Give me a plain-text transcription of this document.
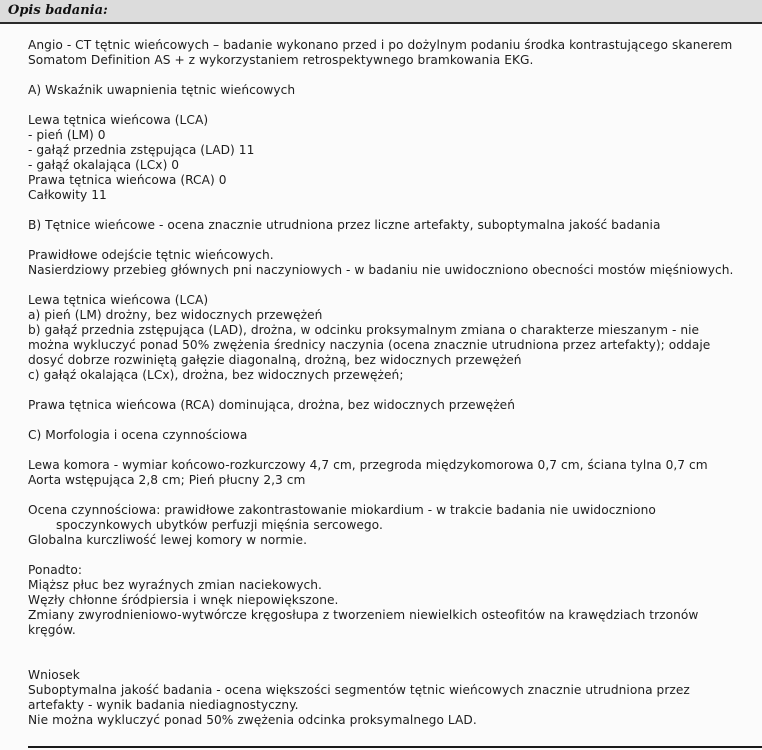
Opis badania:
Angio - CT tętnic wieńcowych – badanie wykonano przed i po dożylnym podaniu środka kontrastującego skanerem
Somatom Definition AS + z wykorzystaniem retrospektywnego bramkowania EKG.
A) Wskaźnik uwapnienia tętnic wieńcowych
Lewa tętnica wieńcowa (LCA)
- pień (LM) 0
- gałąź przednia zstępująca (LAD) 11
- gałąź okalająca (LCx) 0
Prawa tętnica wieńcowa (RCA) 0
Całkowity 11
B) Tętnice wieńcowe - ocena znacznie utrudniona przez liczne artefakty, suboptymalna jakość badania
Prawidłowe odejście tętnic wieńcowych.
Nasierdziowy przebieg głównych pni naczyniowych - w badaniu nie uwidoczniono obecności mostów mięśniowych.
Lewa tętnica wieńcowa (LCA)
a) pień (LM) drożny, bez widocznych przewężeń
b) gałąź przednia zstępująca (LAD), drożna, w odcinku proksymalnym zmiana o charakterze mieszanym - nie
można wykluczyć ponad 50% zwężenia średnicy naczynia (ocena znacznie utrudniona przez artefakty); oddaje
dosyć dobrze rozwiniętą gałęzie diagonalną, drożną, bez widocznych przewężeń
c) gałąź okalająca (LCx), drożna, bez widocznych przewężeń;
Prawa tętnica wieńcowa (RCA) dominująca, drożna, bez widocznych przewężeń
C) Morfologia i ocena czynnościowa
Lewa komora - wymiar końcowo-rozkurczowy 4,7 cm, przegroda międzykomorowa 0,7 cm, ściana tylna 0,7 cm
Aorta wstępująca 2,8 cm; Pień płucny 2,3 cm
Ocena czynnościowa: prawidłowe zakontrastowanie miokardium - w trakcie badania nie uwidoczniono
spoczynkowych ubytków perfuzji mięśnia sercowego.
Globalna kurczliwość lewej komory w normie.
Ponadto:
Miąższ płuc bez wyraźnych zmian naciekowych.
Węzły chłonne śródpiersia i wnęk niepowiększone.
Zmiany zwyrodnieniowo-wytwórcze kręgosłupa z tworzeniem niewielkich osteofitów na krawędziach trzonów
kręgów.
Wniosek
Suboptymalna jakość badania - ocena większości segmentów tętnic wieńcowych znacznie utrudniona przez
artefakty - wynik badania niediagnostyczny.
Nie można wykluczyć ponad 50% zwężenia odcinka proksymalnego LAD.
